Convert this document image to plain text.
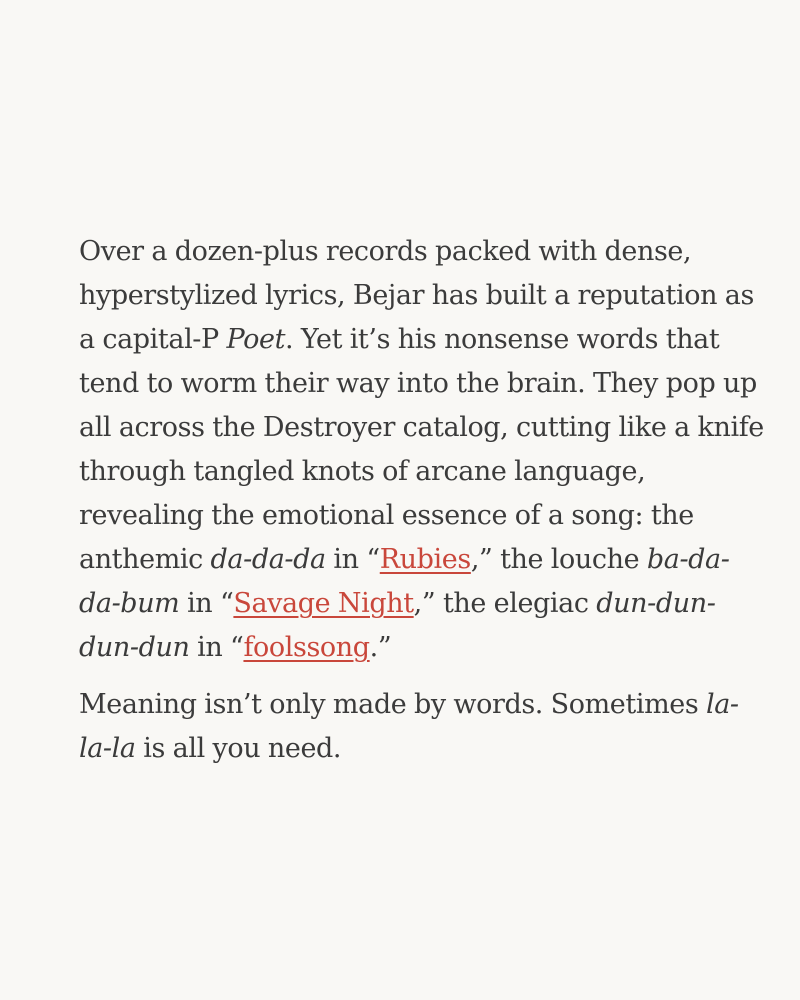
Over a dozen-plus records packed with dense,
hyperstylized lyrics, Bejar has built a reputation as
a capital-P Poet. Yet it’s his nonsense words that
tend to worm their way into the brain. They pop up
all across the Destroyer catalog, cutting like a knife
through tangled knots of arcane language,
revealing the emotional essence of a song: the
anthemic da-da-da in “Rubies,” the louche ba-da-
da-bum in “Savage Night,” the elegiac dun-dun-
dun-dun in “foolssong.”

Meaning isn’t only made by words. Sometimes la-
la-la is all you need.
